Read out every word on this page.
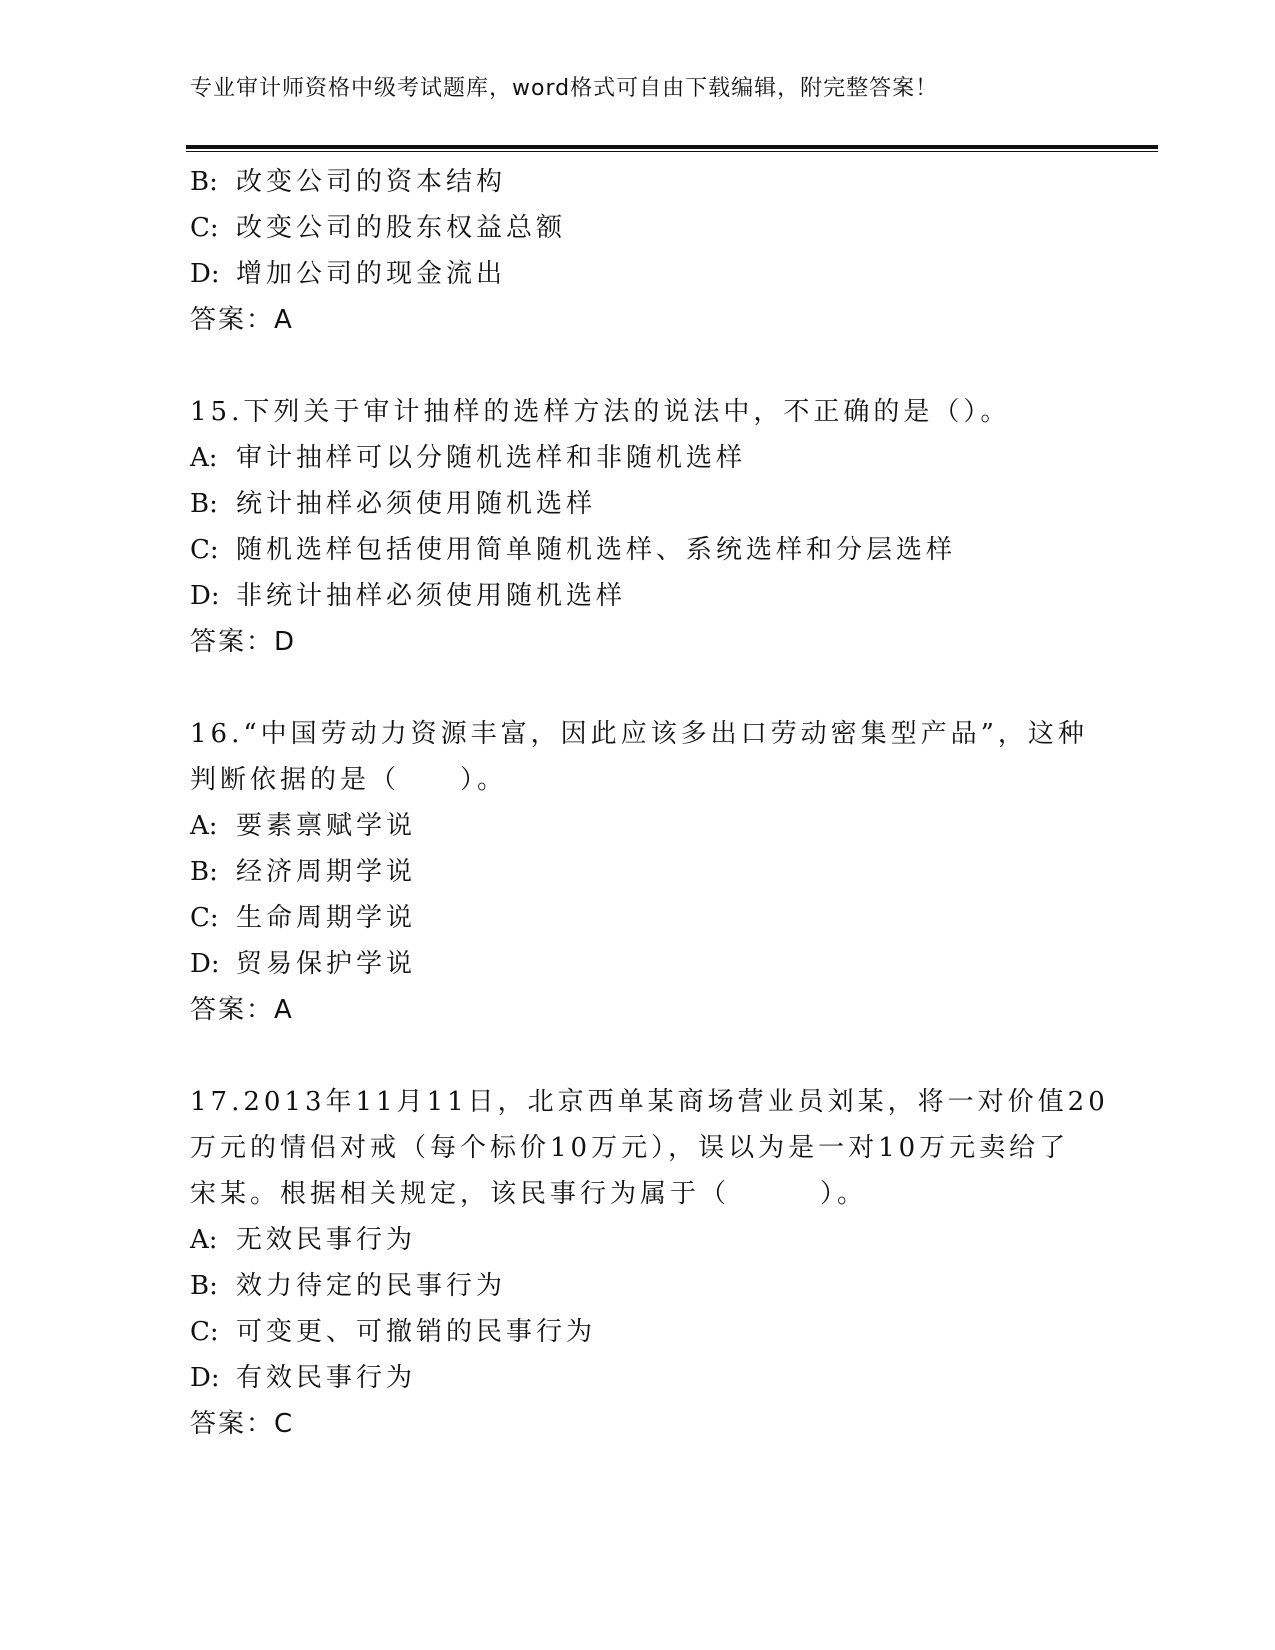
专业审计师资格中级考试题库，word格式可自由下载编辑，附完整答案！
B: 改变公司的资本结构
C: 改变公司的股东权益总额
D: 增加公司的现金流出
答案：A
15.下列关于审计抽样的选样方法的说法中，不正确的是（）。
A: 审计抽样可以分随机选样和非随机选样
B: 统计抽样必须使用随机选样
C: 随机选样包括使用简单随机选样、系统选样和分层选样
D: 非统计抽样必须使用随机选样
答案：D
16.“中国劳动力资源丰富，因此应该多出口劳动密集型产品”，这种
判断依据的是（　　）。
A: 要素禀赋学说
B: 经济周期学说
C: 生命周期学说
D: 贸易保护学说
答案：A
17.2013年11月11日，北京西单某商场营业员刘某，将一对价值20
万元的情侣对戒（每个标价10万元），误以为是一对10万元卖给了
宋某。根据相关规定，该民事行为属于（　　　）。
A: 无效民事行为
B: 效力待定的民事行为
C: 可变更、可撤销的民事行为
D: 有效民事行为
答案：C
